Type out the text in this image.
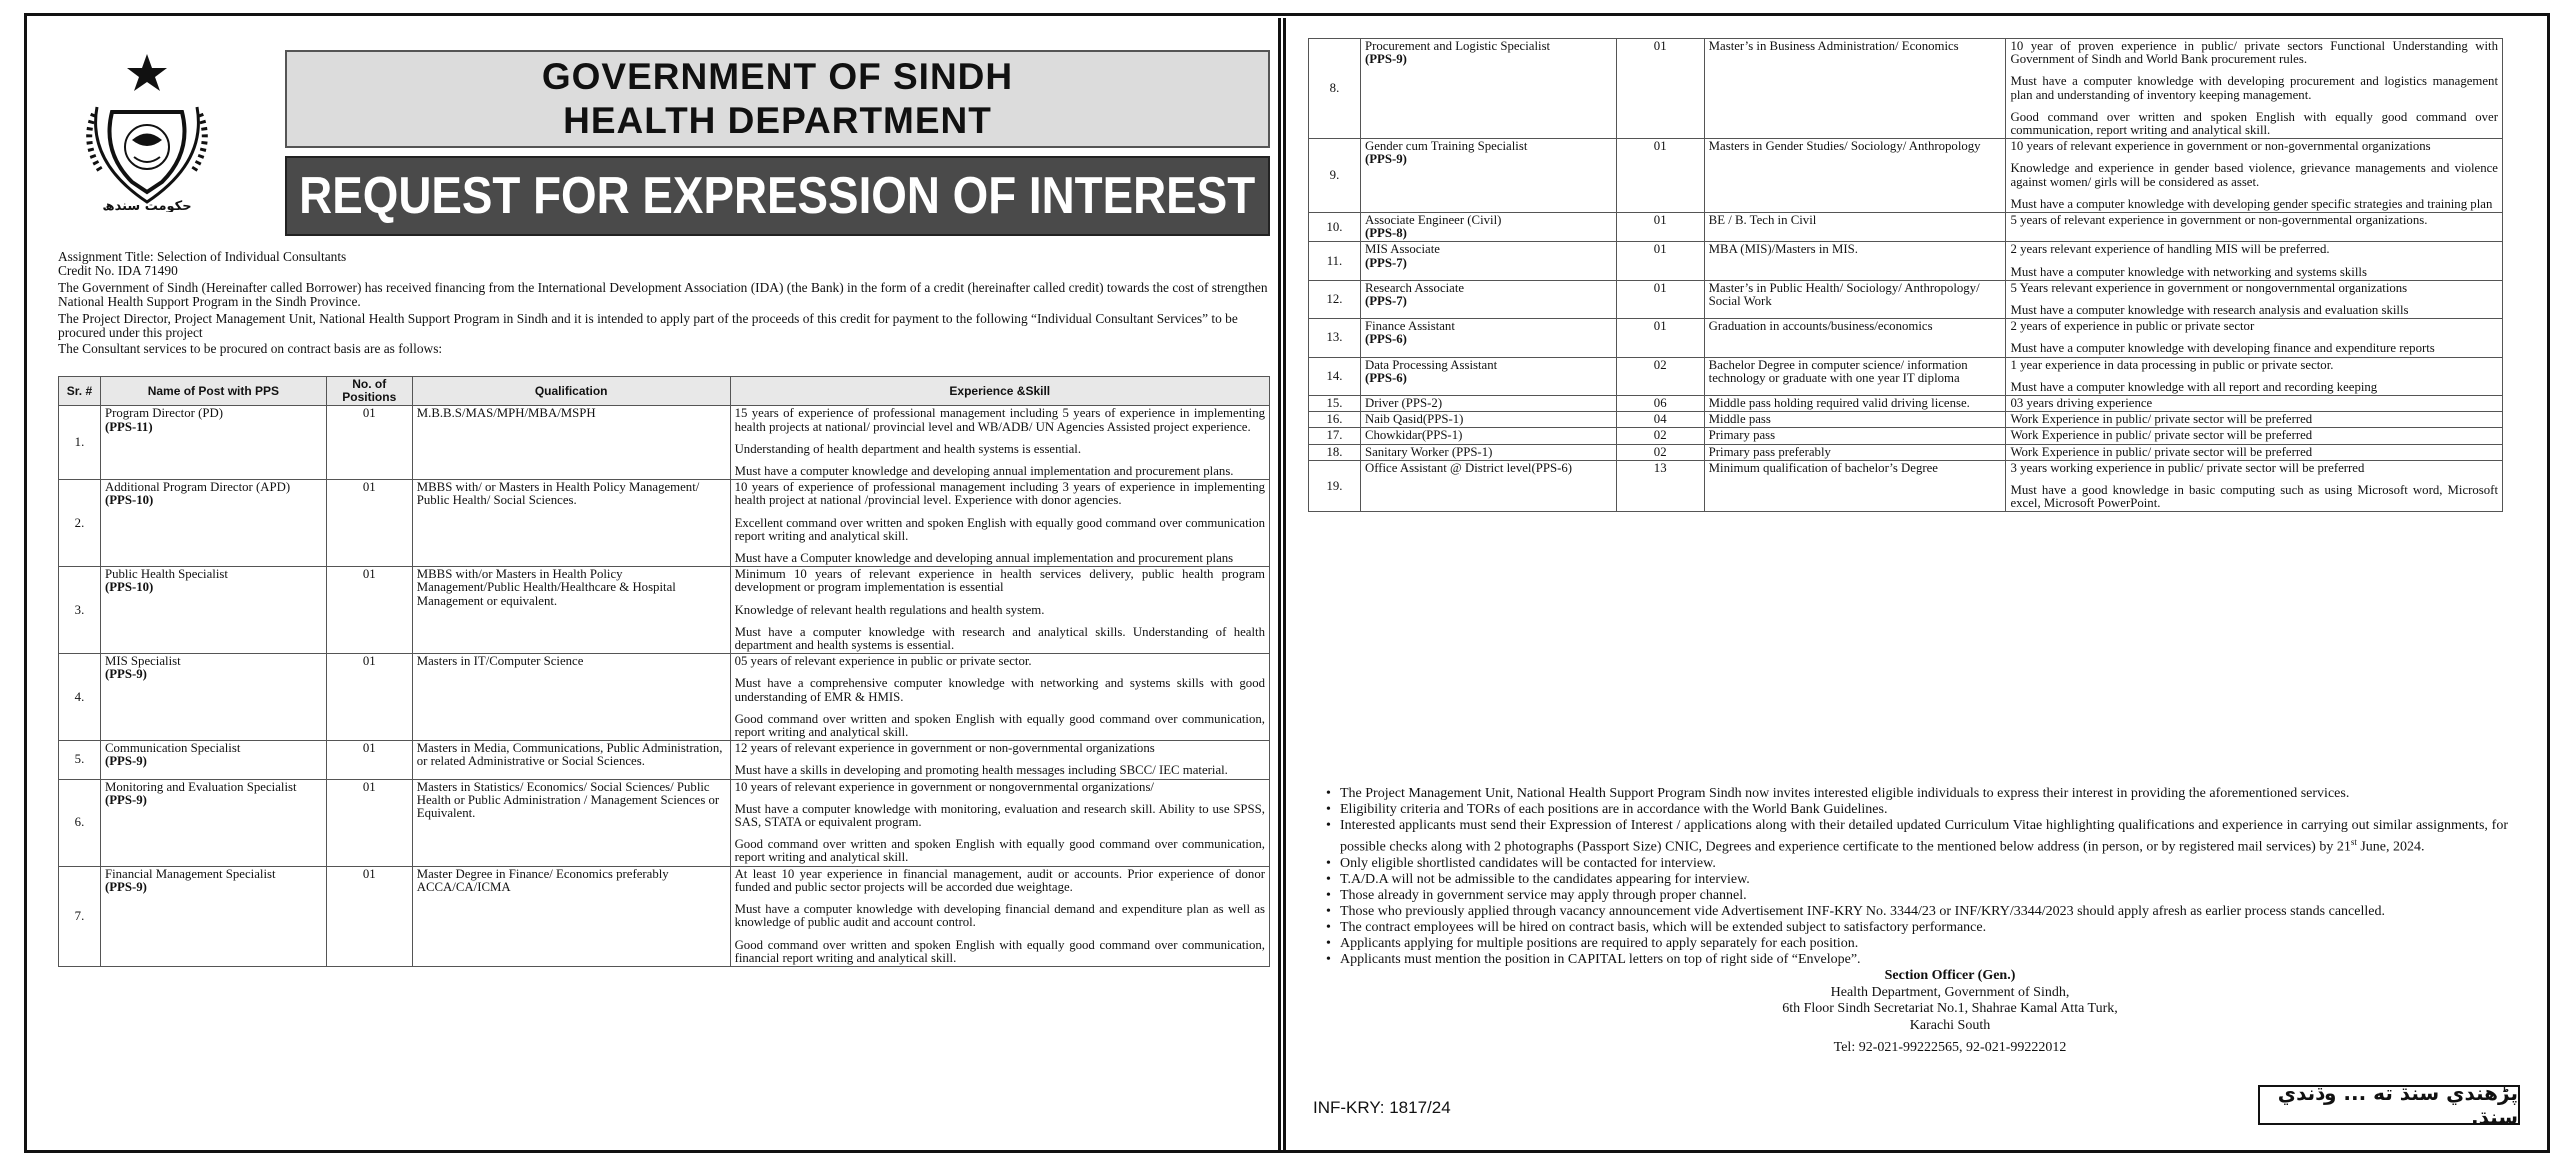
حکومت سندھ
GOVERNMENT OF SINDH
HEALTH DEPARTMENT
REQUEST FOR EXPRESSION OF INTEREST

Assignment Title: Selection of Individual Consultants

Credit No. IDA 71490

The Government of Sindh (Hereinafter called Borrower) has received financing from the International Development Association (IDA) (the Bank) in the form of a credit (hereinafter called credit) towards the cost of strengthen National Health Support Program in the Sindh Province.

The Project Director, Project Management Unit, National Health Support Program in Sindh and it is intended to apply part of the proceeds of this credit for payment to the following “Individual Consultant Services” to be procured under this project

The Consultant services to be procured on contract basis are as follows:

Sr. #	Name of Post with PPS	No. of Positions	Qualification	Experience &Skill
1.	Program Director (PD)
(PPS-11)	01	M.B.B.S/MAS/MPH/MBA/MSPH	15 years of experience of professional management including 5 years of experience in implementing health projects at national/ provincial level and WB/ADB/ UN Agencies Assisted project experience.
Understanding of health department and health systems is essential.
Must have a computer knowledge and developing annual implementation and procurement plans.

2.	Additional Program Director (APD)
(PPS-10)	01	MBBS with/ or Masters in Health Policy Management/ Public Health/ Social Sciences.	10 years of experience of professional management including 3 years of experience in implementing health project at national /provincial level. Experience with donor agencies.
Excellent command over written and spoken English with equally good command over communication report writing and analytical skill.
Must have a Computer knowledge and developing annual implementation and procurement plans

3.	Public Health Specialist
(PPS-10)	01	MBBS with/or Masters in Health Policy Management/Public Health/Healthcare & Hospital Management or equivalent.	Minimum 10 years of relevant experience in health services delivery, public health program development or program implementation is essential
Knowledge of relevant health regulations and health system.
Must have a computer knowledge with research and analytical skills. Understanding of health department and health systems is essential.

4.	MIS Specialist
(PPS-9)	01	Masters in IT/Computer Science	05 years of relevant experience in public or private sector.
Must have a comprehensive computer knowledge with networking and systems skills with good understanding of EMR & HMIS.
Good command over written and spoken English with equally good command over communication, report writing and analytical skill.

5.	Communication Specialist
(PPS-9)	01	Masters in Media, Communications, Public Administration, or related Administrative or Social Sciences.	12 years of relevant experience in government or non-governmental organizations
Must have a skills in developing and promoting health messages including SBCC/ IEC material.

6.	Monitoring and Evaluation Specialist
(PPS-9)	01	Masters in Statistics/ Economics/ Social Sciences/ Public Health or Public Administration / Management Sciences or Equivalent.	10 years of relevant experience in government or nongovernmental organizations/
Must have a computer knowledge with monitoring, evaluation and research skill. Ability to use SPSS, SAS, STATA or equivalent program.
Good command over written and spoken English with equally good command over communication, report writing and analytical skill.

7.	Financial Management Specialist
(PPS-9)	01	Master Degree in Finance/ Economics preferably ACCA/CA/ICMA	At least 10 year experience in financial management, audit or accounts. Prior experience of donor funded and public sector projects will be accorded due weightage.
Must have a computer knowledge with developing financial demand and expenditure plan as well as knowledge of public audit and account control.
Good command over written and spoken English with equally good command over communication, financial report writing and analytical skill.
8.	Procurement and Logistic Specialist
(PPS-9)	01	Master’s in Business Administration/ Economics	10 year of proven experience in public/ private sectors Functional Understanding with Government of Sindh and World Bank procurement rules.
Must have a computer knowledge with developing procurement and logistics management plan and understanding of inventory keeping management.
Good command over written and spoken English with equally good command over communication, report writing and analytical skill.

9.	Gender cum Training Specialist
(PPS-9)	01	Masters in Gender Studies/ Sociology/ Anthropology	10 years of relevant experience in government or non-governmental organizations
Knowledge and experience in gender based violence, grievance managements and violence against women/ girls will be considered as asset.
Must have a computer knowledge with developing gender specific strategies and training plan

10.	Associate Engineer (Civil)
(PPS-8)	01	BE / B. Tech in Civil	5 years of relevant experience in government or non-governmental organizations.

11.	MIS Associate
(PPS-7)	01	MBA (MIS)/Masters in MIS.	2 years relevant experience of handling MIS will be preferred.
Must have a computer knowledge with networking and systems skills

12.	Research Associate
(PPS-7)	01	Master’s in Public Health/ Sociology/ Anthropology/ Social Work	5 Years relevant experience in government or nongovernmental organizations
Must have a computer knowledge with research analysis and evaluation skills

13.	Finance Assistant
(PPS-6)	01	Graduation in accounts/business/economics	2 years of experience in public or private sector
Must have a computer knowledge with developing finance and expenditure reports

14.	Data Processing Assistant
(PPS-6)	02	Bachelor Degree in computer science/ information technology or graduate with one year IT diploma	1 year experience in data processing in public or private sector.
Must have a computer knowledge with all report and recording keeping

15.	Driver (PPS-2)	06	Middle pass holding required valid driving license.	03 years driving experience

16.	Naib Qasid(PPS-1)	04	Middle pass	Work Experience in public/ private sector will be preferred

17.	Chowkidar(PPS-1)	02	Primary pass	Work Experience in public/ private sector will be preferred

18.	Sanitary Worker (PPS-1)	02	Primary pass preferably	Work Experience in public/ private sector will be preferred

19.	Office Assistant @ District level(PPS-6)	13	Minimum qualification of bachelor’s Degree	3 years working experience in public/ private sector will be preferred
Must have a good knowledge in basic computing such as using Microsoft word, Microsoft excel, Microsoft PowerPoint.
• The Project Management Unit, National Health Support Program Sindh now invites interested eligible individuals to express their interest in providing the aforementioned services.
• Eligibility criteria and TORs of each positions are in accordance with the World Bank Guidelines.
• Interested applicants must send their Expression of Interest / applications along with their detailed updated Curriculum Vitae highlighting qualifications and experience in carrying out similar assignments, for possible checks along with 2 photographs (Passport Size) CNIC, Degrees and experience certificate to the mentioned below address (in person, or by registered mail services) by 21st June, 2024.
• Only eligible shortlisted candidates will be contacted for interview.
• T.A/D.A will not be admissible to the candidates appearing for interview.
• Those already in government service may apply through proper channel.
• Those who previously applied through vacancy announcement vide Advertisement INF-KRY No. 3344/23 or INF/KRY/3344/2023 should apply afresh as earlier process stands cancelled.
• The contract employees will be hired on contract basis, which will be extended subject to satisfactory performance.
• Applicants applying for multiple positions are required to apply separately for each position.
• Applicants must mention the position in CAPITAL letters on top of right side of “Envelope”.
Section Officer (Gen.)
Health Department, Government of Sindh,
6th Floor Sindh Secretariat No.1, Shahrae Kamal Atta Turk,
Karachi South
Tel: 92-021-99222565, 92-021-99222012
INF-KRY: 1817/24
پڑھندي سنڌ ته ... وڌندي سنڌ.
